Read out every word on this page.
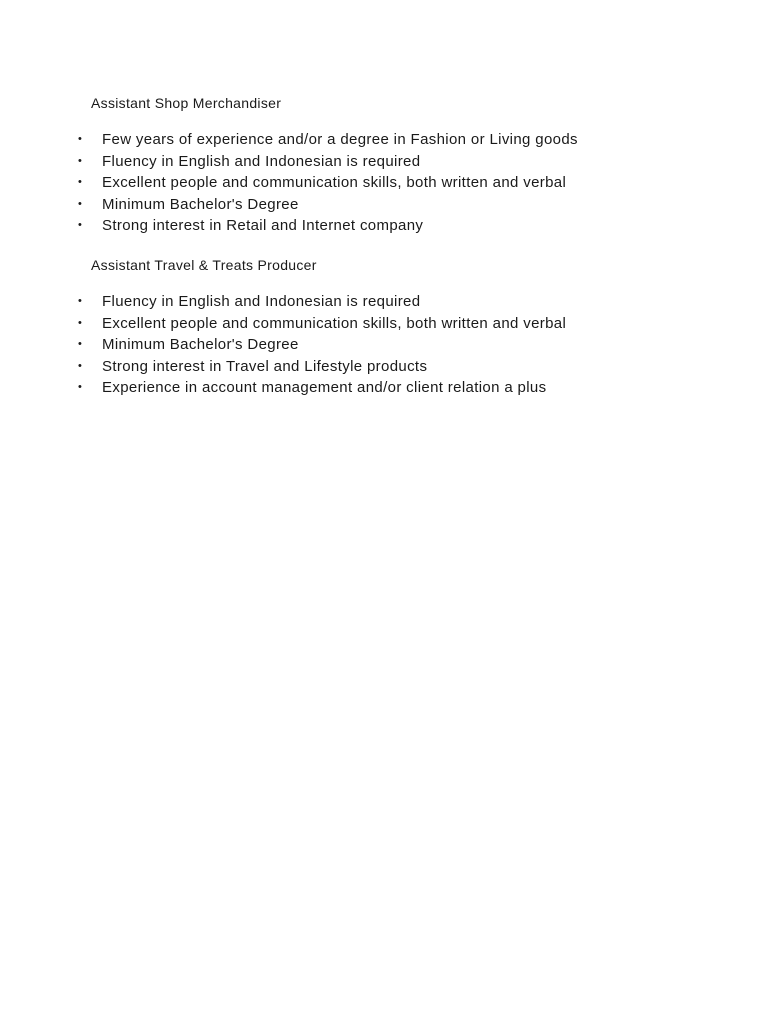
Assistant Shop Merchandiser
• Few years of experience and/or a degree in Fashion or Living goods
• Fluency in English and Indonesian is required
• Excellent people and communication skills, both written and verbal
• Minimum Bachelor's Degree
• Strong interest in Retail and Internet company
Assistant Travel & Treats Producer
• Fluency in English and Indonesian is required
• Excellent people and communication skills, both written and verbal
• Minimum Bachelor's Degree
• Strong interest in Travel and Lifestyle products
• Experience in account management and/or client relation a plus
